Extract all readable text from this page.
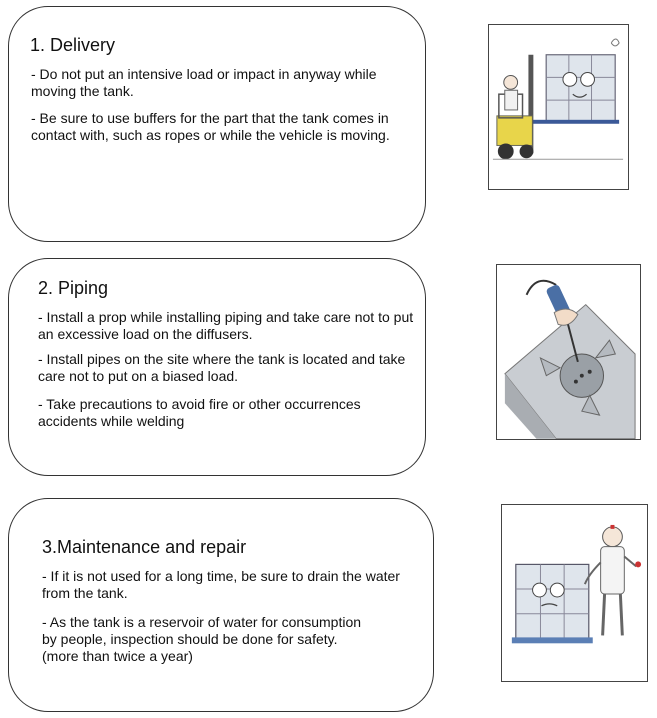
1. Delivery

- Do not put an intensive load or impact in anyway while moving the tank.

- Be sure to use buffers for the part that the tank comes in contact with, such as ropes or while the vehicle is moving.

2. Piping

- Install a prop while installing piping and take care not to put an excessive load on the diffusers.

- Install pipes on the site where the tank is located and take care not to put on a biased load.

- Take precautions to avoid fire or other occurrences accidents while welding

3.Maintenance and repair

- If it is not used for a long time, be sure to drain the water from the tank.

- As the tank is a reservoir of water for consumption by people, inspection should be done for safety. (more than twice a year)
